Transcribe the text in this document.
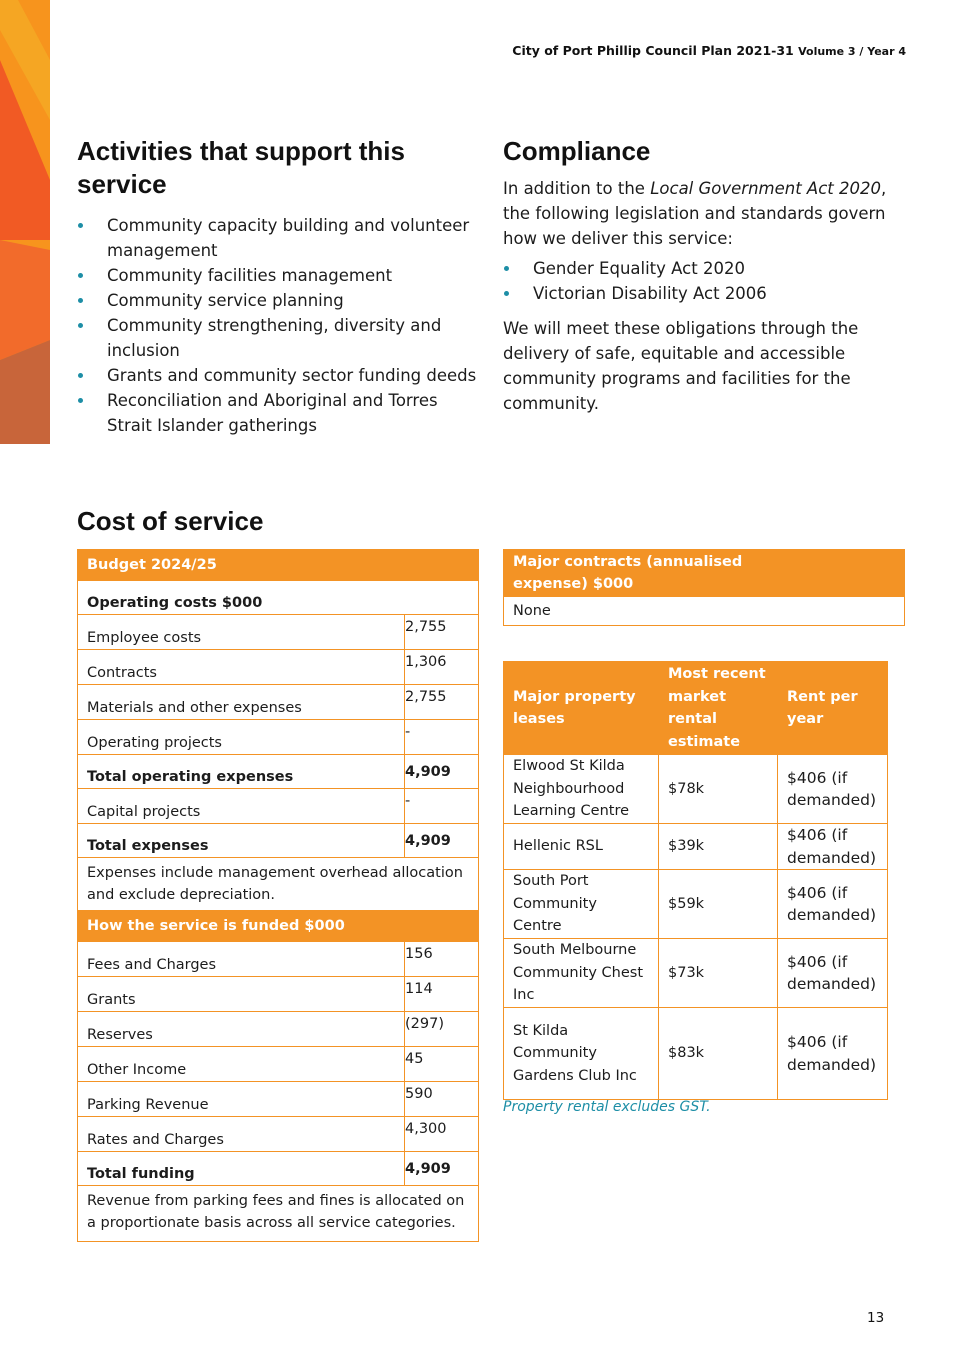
City of Port Phillip Council Plan 2021-31 Volume 3 / Year 4
Activities that support this service
Community capacity building and volunteer management
Community facilities management
Community service planning
Community strengthening, diversity and inclusion
Grants and community sector funding deeds
Reconciliation and Aboriginal and Torres Strait Islander gatherings
Compliance

In addition to the Local Government Act 2020, the following legislation and standards govern how we deliver this service:

Gender Equality Act 2020
Victorian Disability Act 2006

We will meet these obligations through the delivery of safe, equitable and accessible community programs and facilities for the community.

Cost of service
Budget 2024/25	
Operating costs $000	
Employee costs	2,755
Contracts	1,306
Materials and other expenses	2,755
Operating projects	-
Total operating expenses	4,909
Capital projects	-
Total expenses	4,909
Expenses include management overhead allocation and exclude depreciation.	
How the service is funded $000	
Fees and Charges	156
Grants	114
Reserves	(297)
Other Income	45
Parking Revenue	590
Rates and Charges	4,300
Total funding	4,909
Revenue from parking fees and fines is allocated on a proportionate basis across all service categories.	
Major contracts (annualised expense) $000	
None
Major property leases	Most recent market rental estimate	Rent per year
Elwood St Kilda Neighbourhood Learning Centre	$78k	$406 (if demanded)
Hellenic RSL	$39k	$406 (if demanded)
South Port Community Centre	$59k	$406 (if demanded)
South Melbourne Community Chest Inc	$73k	$406 (if demanded)
St Kilda Community Gardens Club Inc	$83k	$406 (if demanded)
Property rental excludes GST.
13
